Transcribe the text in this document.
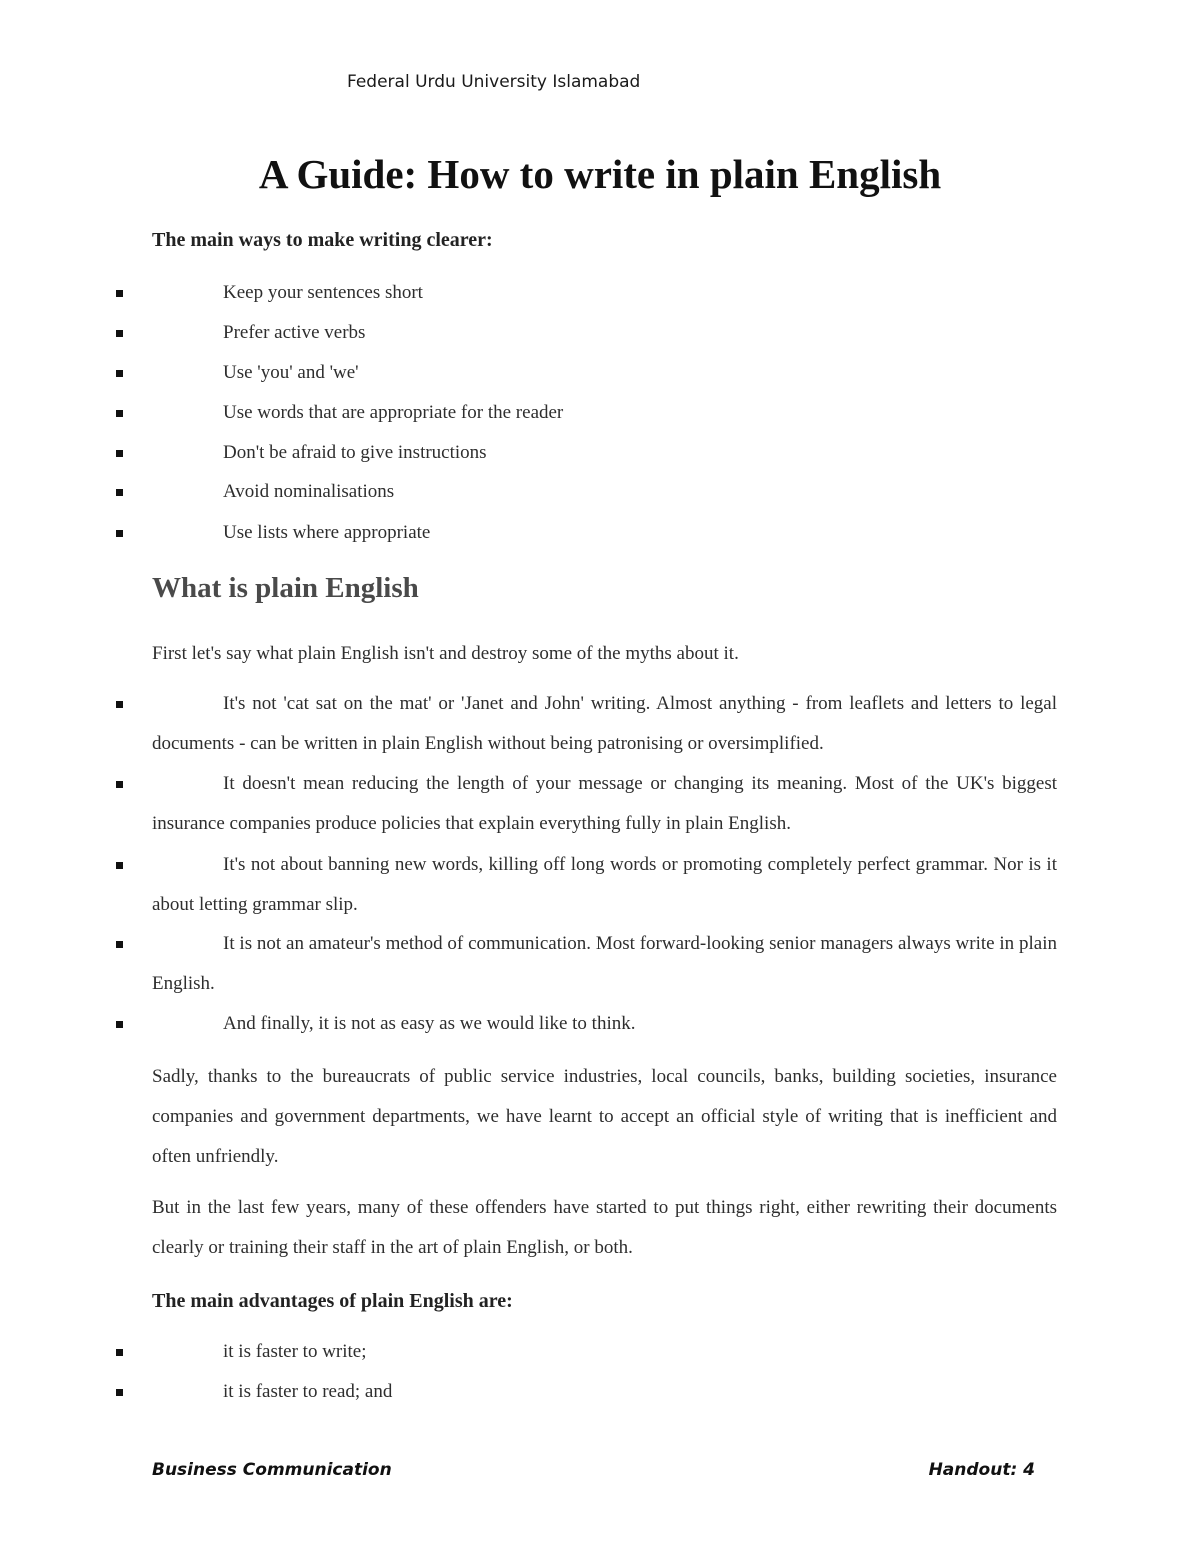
Federal Urdu University Islamabad
A Guide: How to write in plain English
The main ways to make writing clearer:
Keep your sentences short
Prefer active verbs
Use 'you' and 'we'
Use words that are appropriate for the reader
Don't be afraid to give instructions
Avoid nominalisations
Use lists where appropriate
What is plain English
First let's say what plain English isn't and destroy some of the myths about it.

It's not 'cat sat on the mat' or 'Janet and John' writing. Almost anything - from leaflets and letters to legal documents - can be written in plain English without being patronising or oversimplified.

It doesn't mean reducing the length of your message or changing its meaning. Most of the UK's biggest insurance companies produce policies that explain everything fully in plain English.

It's not about banning new words, killing off long words or promoting completely perfect grammar. Nor is it about letting grammar slip.

It is not an amateur's method of communication. Most forward-looking senior managers always write in plain English.

And finally, it is not as easy as we would like to think.

Sadly, thanks to the bureaucrats of public service industries, local councils, banks, building societies, insurance companies and government departments, we have learnt to accept an official style of writing that is inefficient and often unfriendly.

But in the last few years, many of these offenders have started to put things right, either rewriting their documents clearly or training their staff in the art of plain English, or both.

The main advantages of plain English are:
it is faster to write;
it is faster to read; and
Business Communication	Handout: 4
